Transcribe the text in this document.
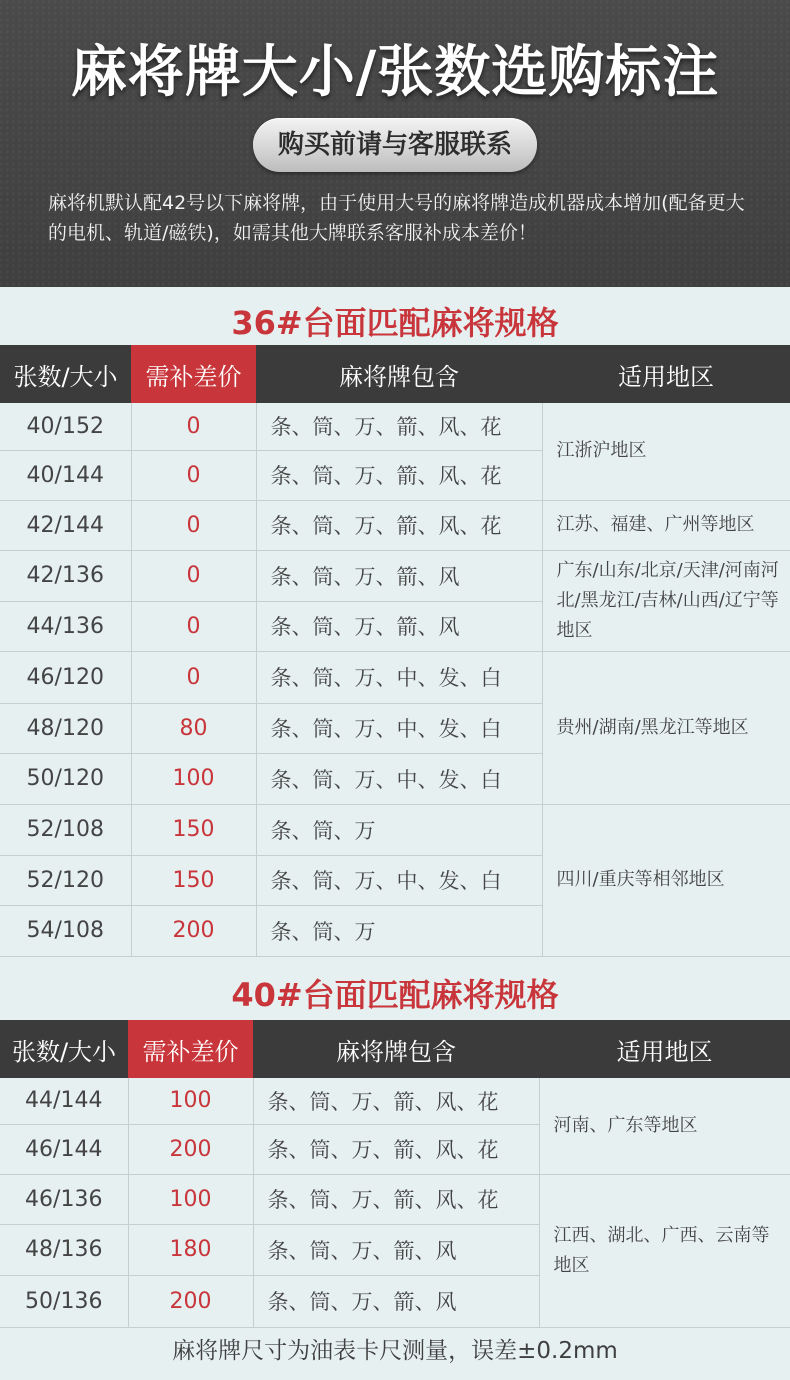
麻将牌大小/张数选购标注
购买前请与客服联系
麻将机默认配42号以下麻将牌，由于使用大号的麻将牌造成机器成本增加(配备更大的电机、轨道/磁铁)，如需其他大牌联系客服补成本差价！
36#台面匹配麻将规格
张数/大小	需补差价	麻将牌包含	适用地区
40/152	0	条、筒、万、箭、风、花	江浙沪地区
40/144	0	条、筒、万、箭、风、花	
42/144	0	条、筒、万、箭、风、花	江苏、福建、广州等地区
42/136	0	条、筒、万、箭、风	广东/山东/北京/天津/河南河北/黑龙江/吉林/山西/辽宁等地区
44/136	0	条、筒、万、箭、风	
46/120	0	条、筒、万、中、发、白	贵州/湖南/黑龙江等地区
48/120	80	条、筒、万、中、发、白	
50/120	100	条、筒、万、中、发、白	
52/108	150	条、筒、万	四川/重庆等相邻地区
52/120	150	条、筒、万、中、发、白	
54/108	200	条、筒、万	
40#台面匹配麻将规格
张数/大小	需补差价	麻将牌包含	适用地区
44/144	100	条、筒、万、箭、风、花	河南、广东等地区
46/144	200	条、筒、万、箭、风、花	
46/136	100	条、筒、万、箭、风、花	江西、湖北、广西、云南等地区
48/136	180	条、筒、万、箭、风	
50/136	200	条、筒、万、箭、风	
麻将牌尺寸为油表卡尺测量，误差±0.2mm
